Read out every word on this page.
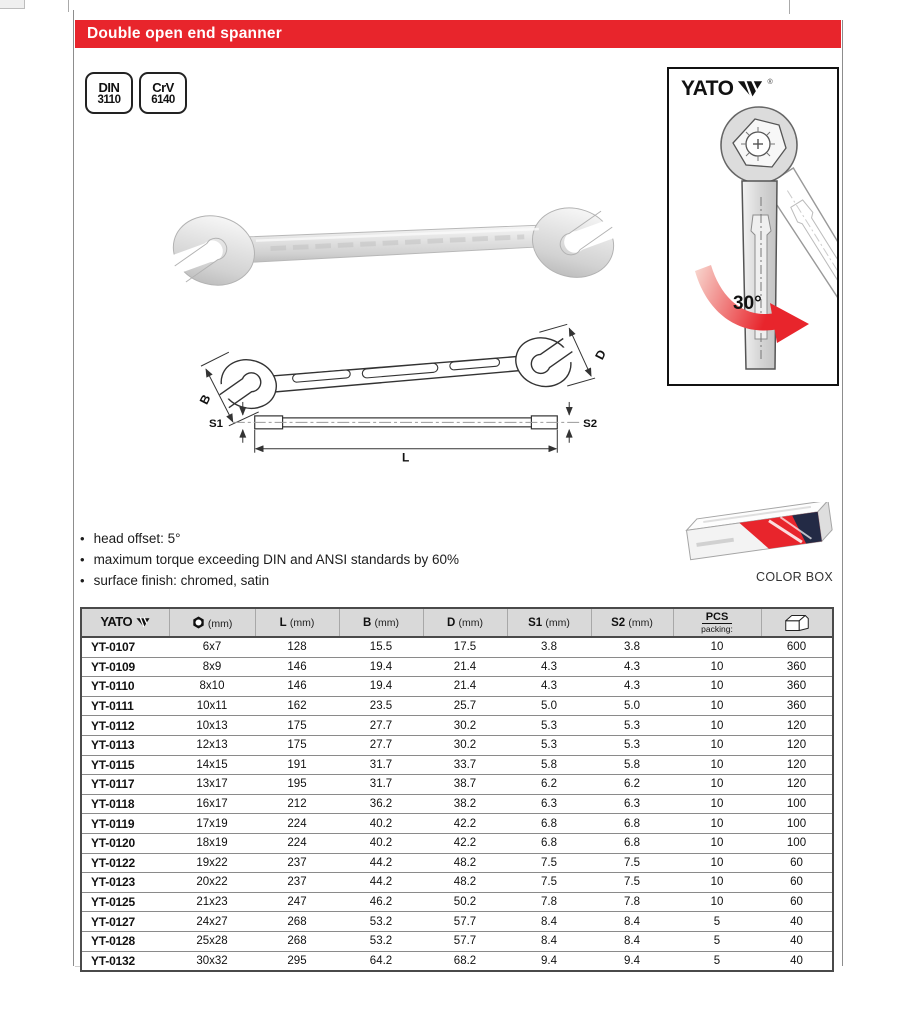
Double open end spanner
DIN
3110
CrV
6140	YATO	®
30°
B
D
S1	S2
L
• head offset: 5°
• maximum torque exceeding DIN and ANSI standards by 60%
• surface finish: chromed, satin	COLOR BOX
YATO	(mm)	L (mm)	B (mm)	D (mm)	S1 (mm)	S2 (mm)	PCS
packing:

YT-0107	6x7	128	15.5	17.5	3.8	3.8	10	600
YT-0109	8x9	146	19.4	21.4	4.3	4.3	10	360
YT-0110	8x10	146	19.4	21.4	4.3	4.3	10	360
YT-0111	10x11	162	23.5	25.7	5.0	5.0	10	360
YT-0112	10x13	175	27.7	30.2	5.3	5.3	10	120
YT-0113	12x13	175	27.7	30.2	5.3	5.3	10	120
YT-0115	14x15	191	31.7	33.7	5.8	5.8	10	120
YT-0117	13x17	195	31.7	38.7	6.2	6.2	10	120
YT-0118	16x17	212	36.2	38.2	6.3	6.3	10	100
YT-0119	17x19	224	40.2	42.2	6.8	6.8	10	100
YT-0120	18x19	224	40.2	42.2	6.8	6.8	10	100
YT-0122	19x22	237	44.2	48.2	7.5	7.5	10	60
YT-0123	20x22	237	44.2	48.2	7.5	7.5	10	60
YT-0125	21x23	247	46.2	50.2	7.8	7.8	10	60
YT-0127	24x27	268	53.2	57.7	8.4	8.4	5	40
YT-0128	25x28	268	53.2	57.7	8.4	8.4	5	40
YT-0132	30x32	295	64.2	68.2	9.4	9.4	5	40
